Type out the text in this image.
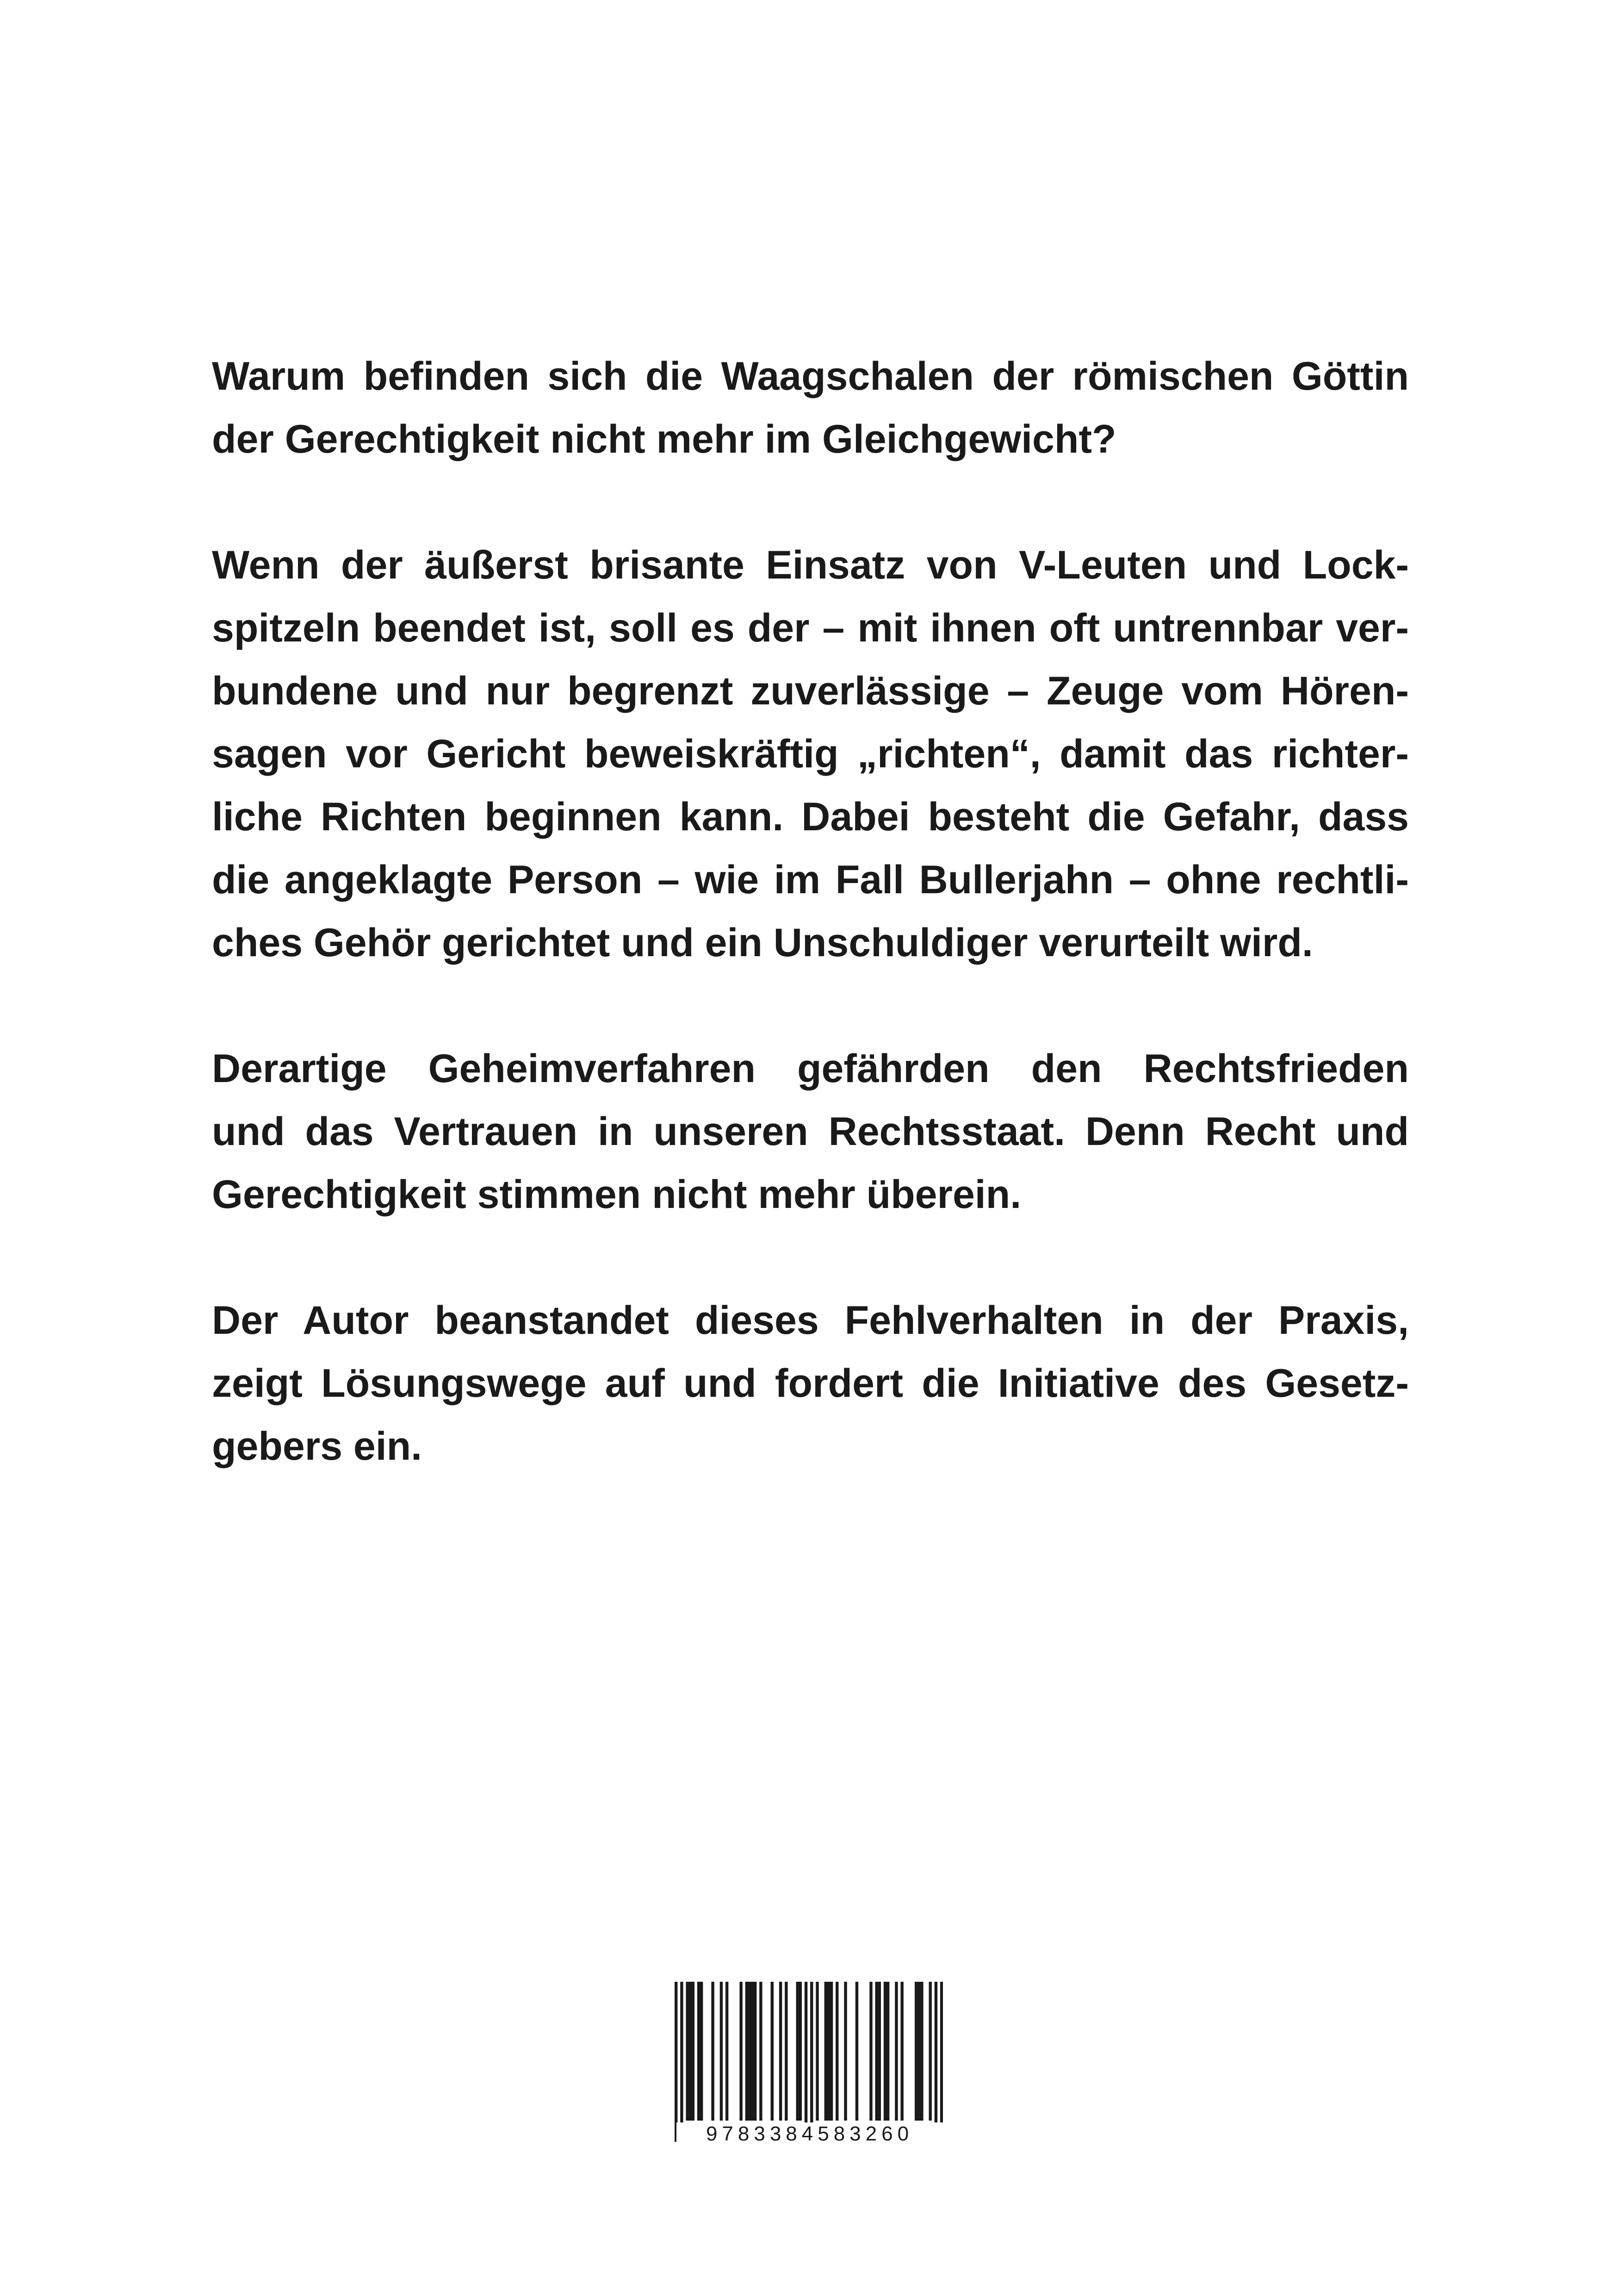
Warum befinden sich die Waagschalen der römischen Göttin
der Gerechtigkeit nicht mehr im Gleichgewicht?

Wenn der äußerst brisante Einsatz von V-Leuten und Lock-
spitzeln beendet ist, soll es der – mit ihnen oft untrennbar ver-
bundene und nur begrenzt zuverlässige – Zeuge vom Hören-
sagen vor Gericht beweiskräftig „richten“, damit das richter-
liche Richten beginnen kann. Dabei besteht die Gefahr, dass
die angeklagte Person – wie im Fall Bullerjahn – ohne rechtli-
ches Gehör gerichtet und ein Unschuldiger verurteilt wird.

Derartige Geheimverfahren gefährden den Rechtsfrieden
und das Vertrauen in unseren Rechtsstaat. Denn Recht und
Gerechtigkeit stimmen nicht mehr überein.

Der Autor beanstandet dieses Fehlverhalten in der Praxis,
zeigt Lösungswege auf und fordert die Initiative des Gesetz-
gebers ein.

9783384583260
